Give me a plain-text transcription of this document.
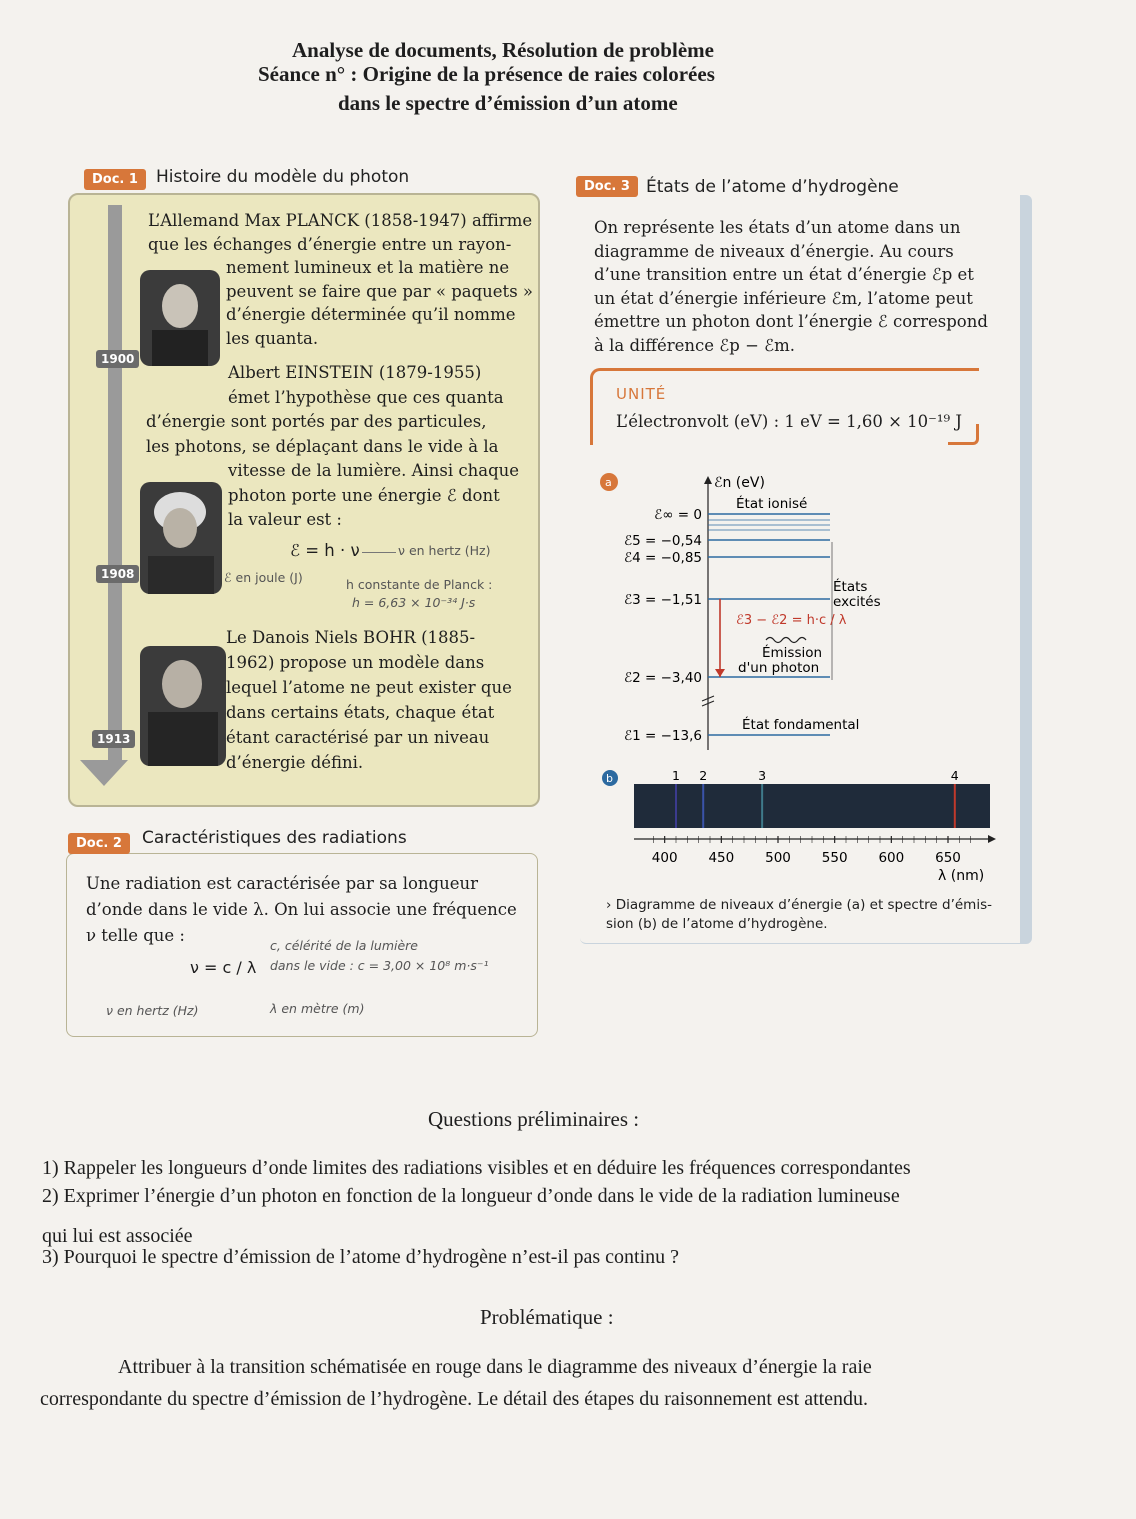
Analyse de documents, Résolution de problème
Séance n° : Origine de la présence de raies colorées
dans le spectre d’émission d’un atome
Doc. 1	Histoire du modèle du photon
L’Allemand Max PLANCK (1858-1947) affirme
que les échanges d’énergie entre un rayon-
nement lumineux et la matière ne
peuvent se faire que par « paquets »
d’énergie déterminée qu’il nomme
les quanta.
1900
Albert EINSTEIN (1879-1955)
émet l’hypothèse que ces quanta
d’énergie sont portés par des particules,
les photons, se déplaçant dans le vide à la
vitesse de la lumière. Ainsi chaque
photon porte une énergie ℰ dont
la valeur est :
1908
ℰ = h · ν	ν en hertz (Hz)
ℰ en joule (J)	h constante de Planck :
h = 6,63 × 10⁻³⁴ J·s
Le Danois Niels BOHR (1885-
1962) propose un modèle dans
lequel l’atome ne peut exister que
dans certains états, chaque état
étant caractérisé par un niveau
d’énergie défini.
1913
Doc. 2	Caractéristiques des radiations
Une radiation est caractérisée par sa longueur
d’onde dans le vide λ. On lui associe une fréquence
ν telle que :
ν = c / λ
c, célérité de la lumière
dans le vide : c = 3,00 × 10⁸ m·s⁻¹
ν en hertz (Hz)	λ en mètre (m)
Doc. 3 États de l’atome d’hydrogène
On représente les états d’un atome dans un
diagramme de niveaux d’énergie. Au cours
d’une transition entre un état d’énergie ℰp et
un état d’énergie inférieure ℰm, l’atome peut
émettre un photon dont l’énergie ℰ correspond
à la différence ℰp − ℰm.
UNITÉ
L’électronvolt (eV) : 1 eV = 1,60 × 10⁻¹⁹ J
a	ℰn (eV)
ℰ∞ = 0
ℰ5 = −0,54
ℰ4 = −0,85
ℰ3 = −1,51
ℰ2 = −3,40
ℰ1 = −13,6
État ionisé
États
excités
ℰ3 − ℰ2 = h·c / λ
Émission
d'un photon
État fondamental
b	1 2	3	4
400 450 500 550 600 650
λ (nm)
› Diagramme de niveaux d’énergie (a) et spectre d’émis-
sion (b) de l’atome d’hydrogène.
Questions préliminaires :
1) Rappeler les longueurs d’onde limites des radiations visibles et en déduire les fréquences correspondantes
2) Exprimer l’énergie d’un photon en fonction de la longueur d’onde dans le vide de la radiation lumineuse
qui lui est associée
3) Pourquoi le spectre d’émission de l’atome d’hydrogène n’est-il pas continu ?
Problématique :
Attribuer à la transition schématisée en rouge dans le diagramme des niveaux d’énergie la raie
correspondante du spectre d’émission de l’hydrogène. Le détail des étapes du raisonnement est attendu.
